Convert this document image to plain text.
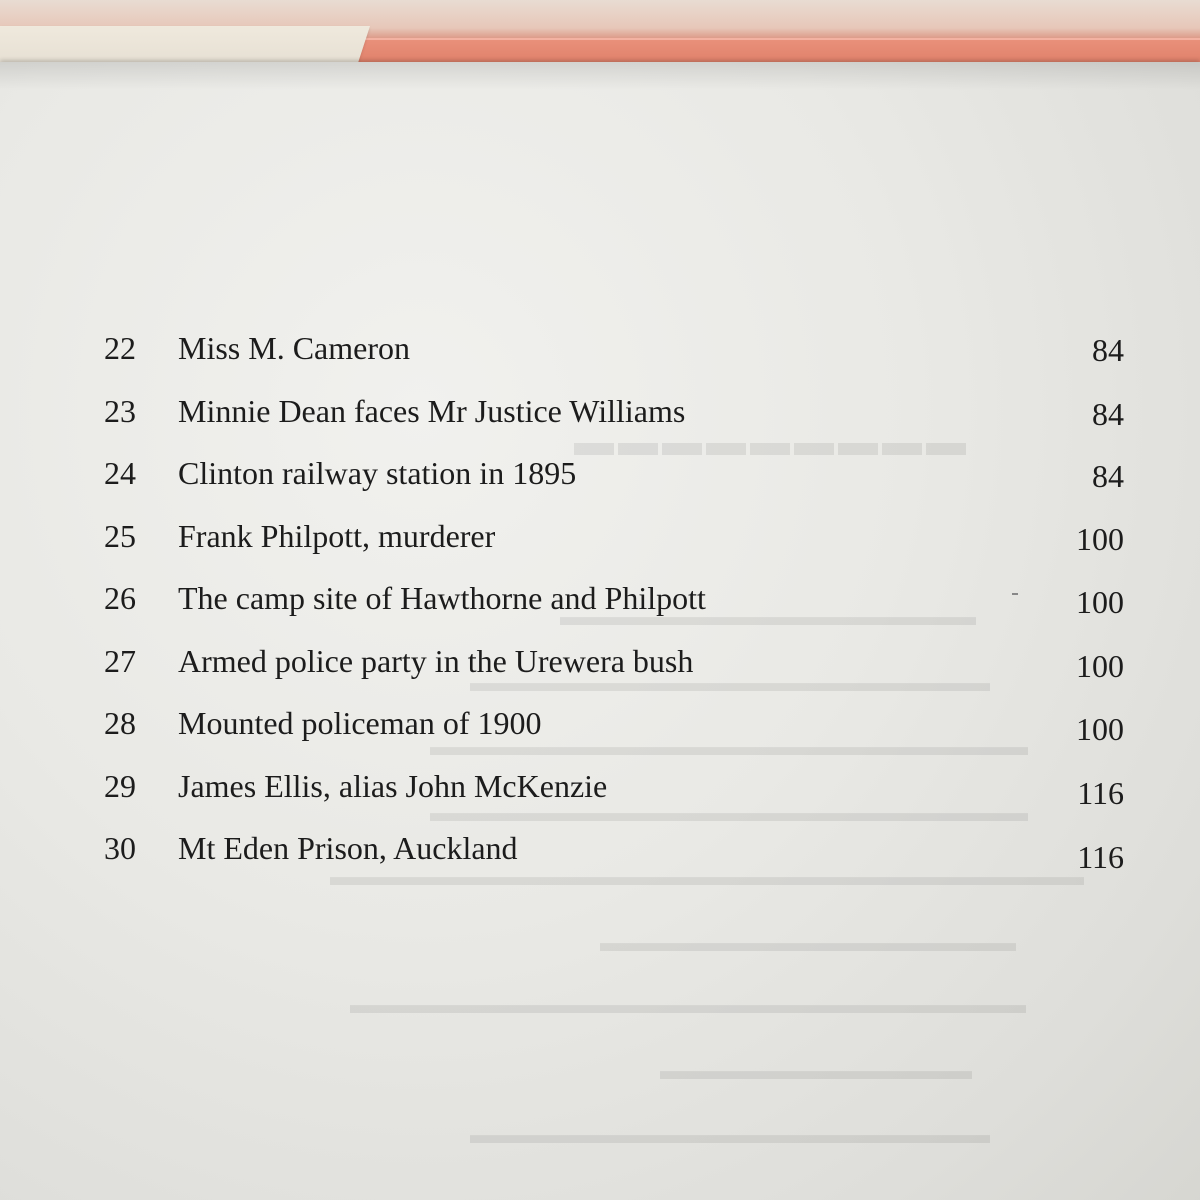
▬▬▬▬▬▬▬▬▬
▬▬▬▬▬▬▬▬▬▬▬▬▬▬▬▬
▬▬▬▬▬▬▬▬▬▬▬▬▬▬▬▬▬▬▬▬
▬▬▬▬▬▬▬▬▬▬▬▬▬▬▬▬▬▬▬▬▬▬▬
▬▬▬▬▬▬▬▬▬▬▬▬▬▬▬▬▬▬▬▬▬▬▬
▬▬▬▬▬▬▬▬▬▬▬▬▬▬▬▬▬▬▬▬▬▬▬▬▬▬▬▬▬
▬▬▬▬▬▬▬▬▬▬▬▬▬▬▬▬
▬▬▬▬▬▬▬▬▬▬▬▬▬▬▬▬▬▬▬▬▬▬▬▬▬▬
▬▬▬▬▬▬▬▬▬▬▬▬
▬▬▬▬▬▬▬▬▬▬▬▬▬▬▬▬▬▬▬▬
22	Miss M. Cameron	84
23	Minnie Dean faces Mr Justice Williams	84
24	Clinton railway station in 1895	84
25	Frank Philpott, murderer	100
26	The camp site of Hawthorne and Philpott	100
27	Armed police party in the Urewera bush	100
28	Mounted policeman of 1900	100
29	James Ellis, alias John McKenzie	116
30	Mt Eden Prison, Auckland	116
